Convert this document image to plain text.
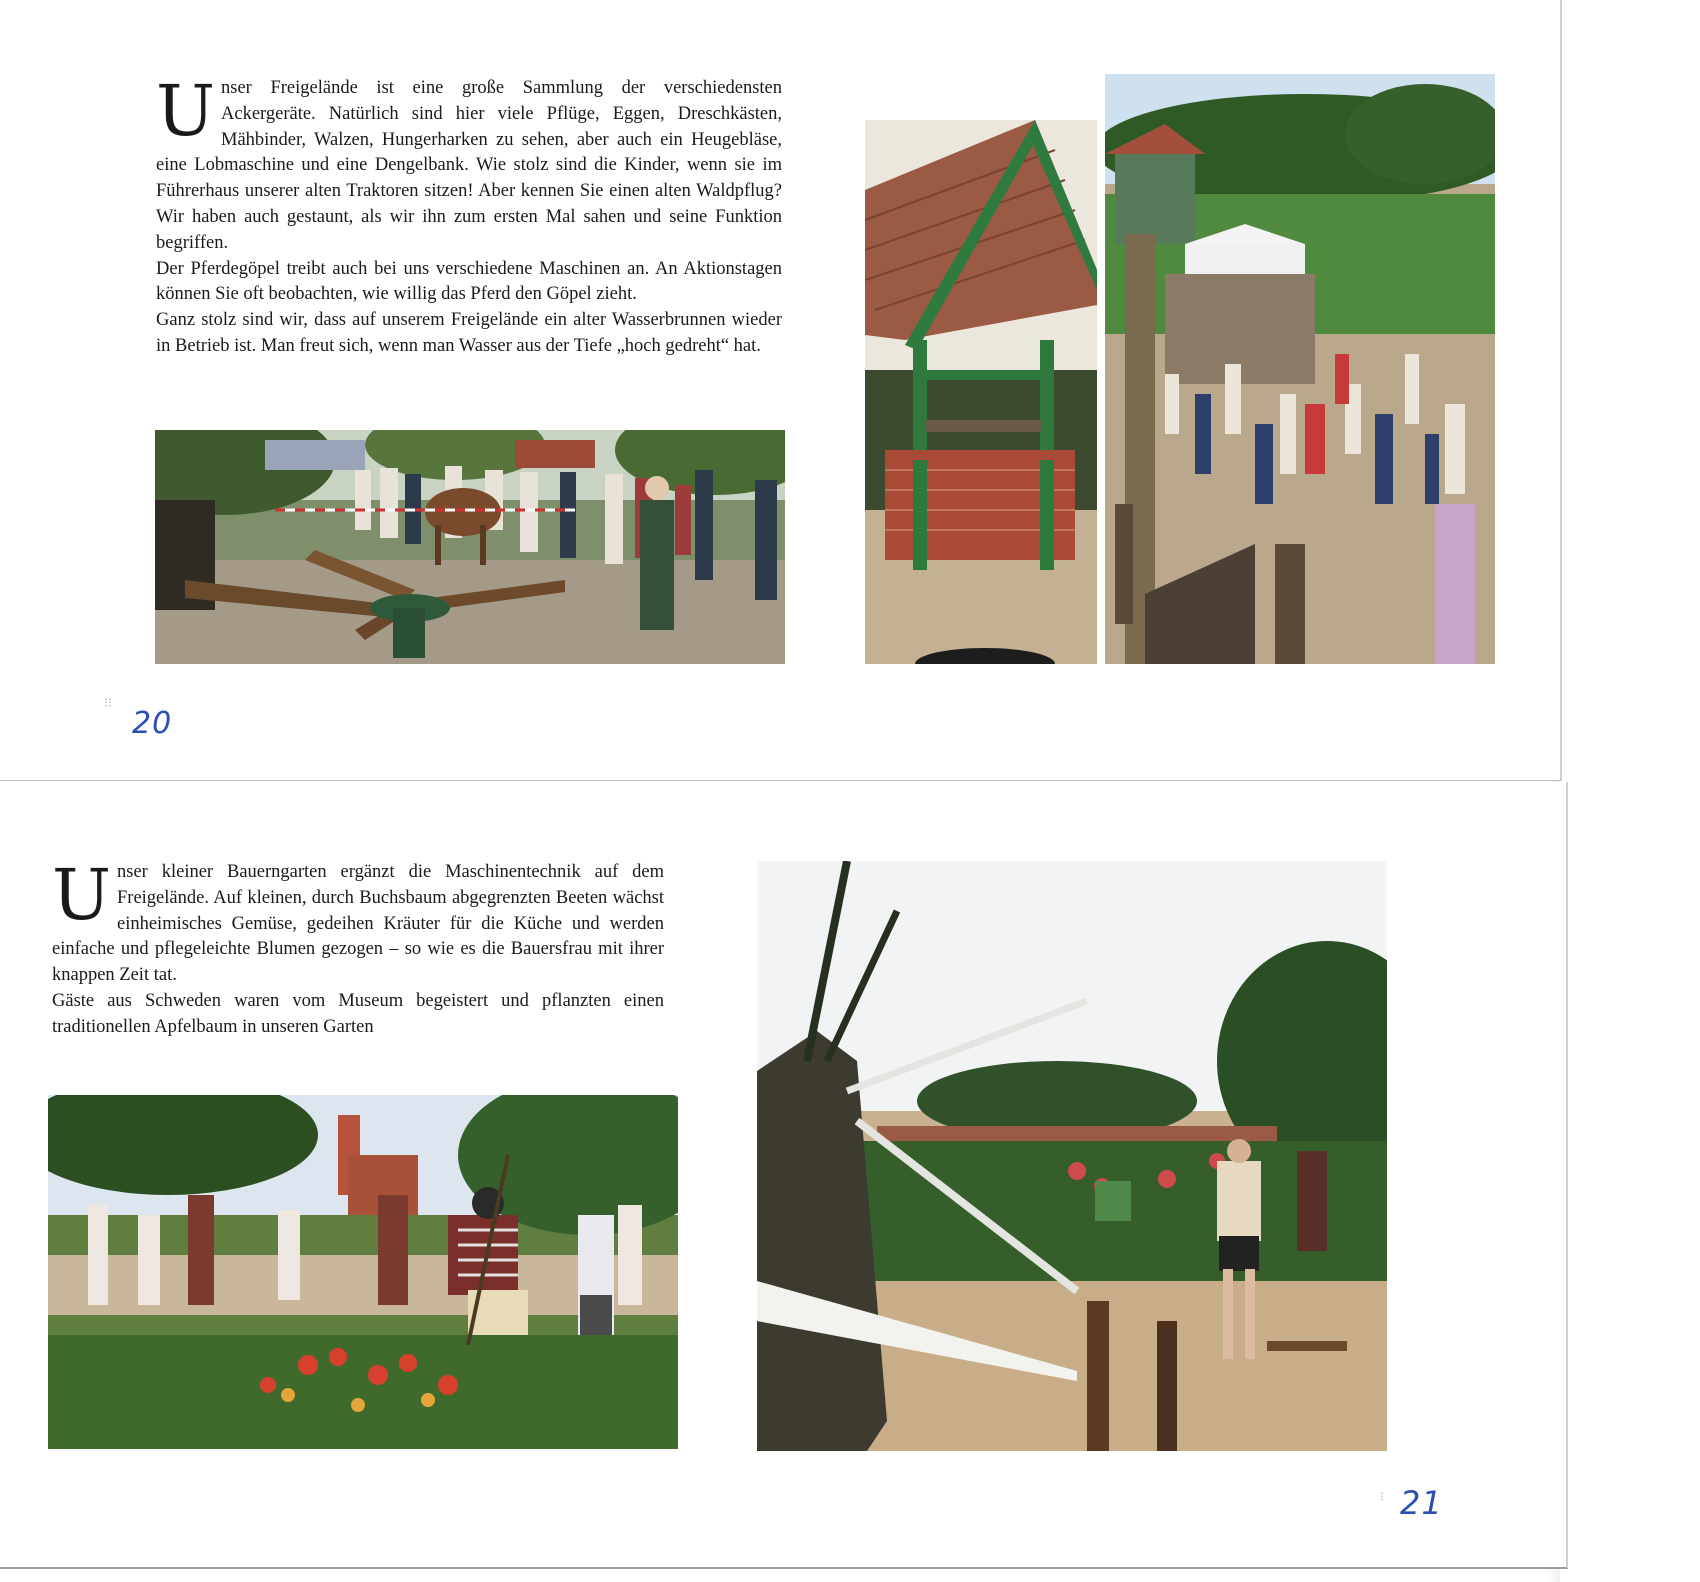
U nser Freigelände ist eine große Sammlung der verschiedensten Ackergeräte. Natürlich sind hier viele Pflüge, Eggen, Dreschkästen, Mähbinder, Walzen, Hungerharken zu sehen, aber auch ein Heugebläse, eine Lobmaschine und eine Dengelbank. Wie stolz sind die Kinder, wenn sie im Führerhaus unserer alten Traktoren sitzen! Aber kennen Sie einen alten Waldpflug? Wir haben auch gestaunt, als wir ihn zum ersten Mal sahen und seine Funktion begriffen.

Der Pferdegöpel treibt auch bei uns verschiedene Maschinen an. An Aktionstagen können Sie oft beobachten, wie willig das Pferd den Göpel zieht.

Ganz stolz sind wir, dass auf unserem Freigelände ein alter Wasserbrunnen wieder in Betrieb ist. Man freut sich, wenn man Wasser aus der Tiefe „hoch gedreht“ hat.

⁝⁝
20
U nser kleiner Bauerngarten ergänzt die Maschinentechnik auf dem Freigelände. Auf kleinen, durch Buchsbaum abgegrenzten Beeten wächst einheimisches Gemüse, gedeihen Kräuter für die Küche und werden einfache und pflegeleichte Blumen gezogen – so wie es die Bauersfrau mit ihrer knappen Zeit tat.

Gäste aus Schweden waren vom Museum begeistert und pflanzten einen traditionellen Apfelbaum in unseren Garten

⁝ 21
